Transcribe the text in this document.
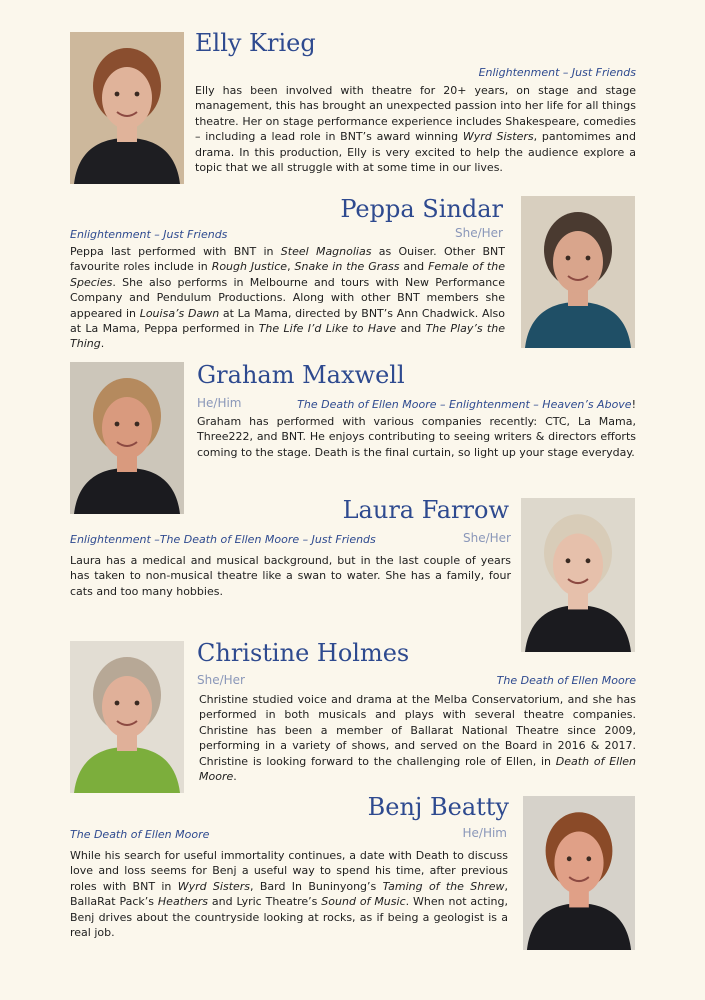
Elly Krieg
Enlightenment – Just Friends

Elly has been involved with theatre for 20+ years, on stage and stage management, this has brought an unexpected passion into her life for all things theatre. Her on stage performance experience includes Shakespeare, comedies – including a lead role in BNT’s award winning Wyrd Sisters, pantomimes and drama. In this production, Elly is very excited to help the audience explore a topic that we all struggle with at some time in our lives.

Peppa Sindar
Enlightenment – Just Friends	She/Her

Peppa last performed with BNT in Steel Magnolias as Ouiser. Other BNT favourite roles include in Rough Justice, Snake in the Grass and Female of the Species. She also performs in Melbourne and tours with New Performance Company and Pendulum Productions. Along with other BNT members she appeared in Louisa’s Dawn at La Mama, directed by BNT’s Ann Chadwick. Also at La Mama, Peppa performed in The Life I’d Like to Have and The Play’s the Thing.

Graham Maxwell
He/Him	The Death of Ellen Moore – Enlightenment – Heaven’s Above!

Graham has performed with various companies recently: CTC, La Mama, Three222, and BNT. He enjoys contributing to seeing writers & directors efforts coming to the stage. Death is the final curtain, so light up your stage everyday.

Laura Farrow
Enlightenment –The Death of Ellen Moore – Just Friends	She/Her

Laura has a medical and musical background, but in the last couple of years has taken to non-musical theatre like a swan to water. She has a family, four cats and too many hobbies.

Christine Holmes
She/Her	The Death of Ellen Moore

Christine studied voice and drama at the Melba Conservatorium, and she has performed in both musicals and plays with several theatre companies. Christine has been a member of Ballarat National Theatre since 2009, performing in a variety of shows, and served on the Board in 2016 & 2017. Christine is looking forward to the challenging role of Ellen, in Death of Ellen Moore.

Benj Beatty
The Death of Ellen Moore	He/Him

While his search for useful immortality continues, a date with Death to discuss love and loss seems for Benj a useful way to spend his time, after previous roles with BNT in Wyrd Sisters, Bard In Buninyong’s Taming of the Shrew, BallaRat Pack’s Heathers and Lyric Theatre’s Sound of Music. When not acting, Benj drives about the countryside looking at rocks, as if being a geologist is a real job.
